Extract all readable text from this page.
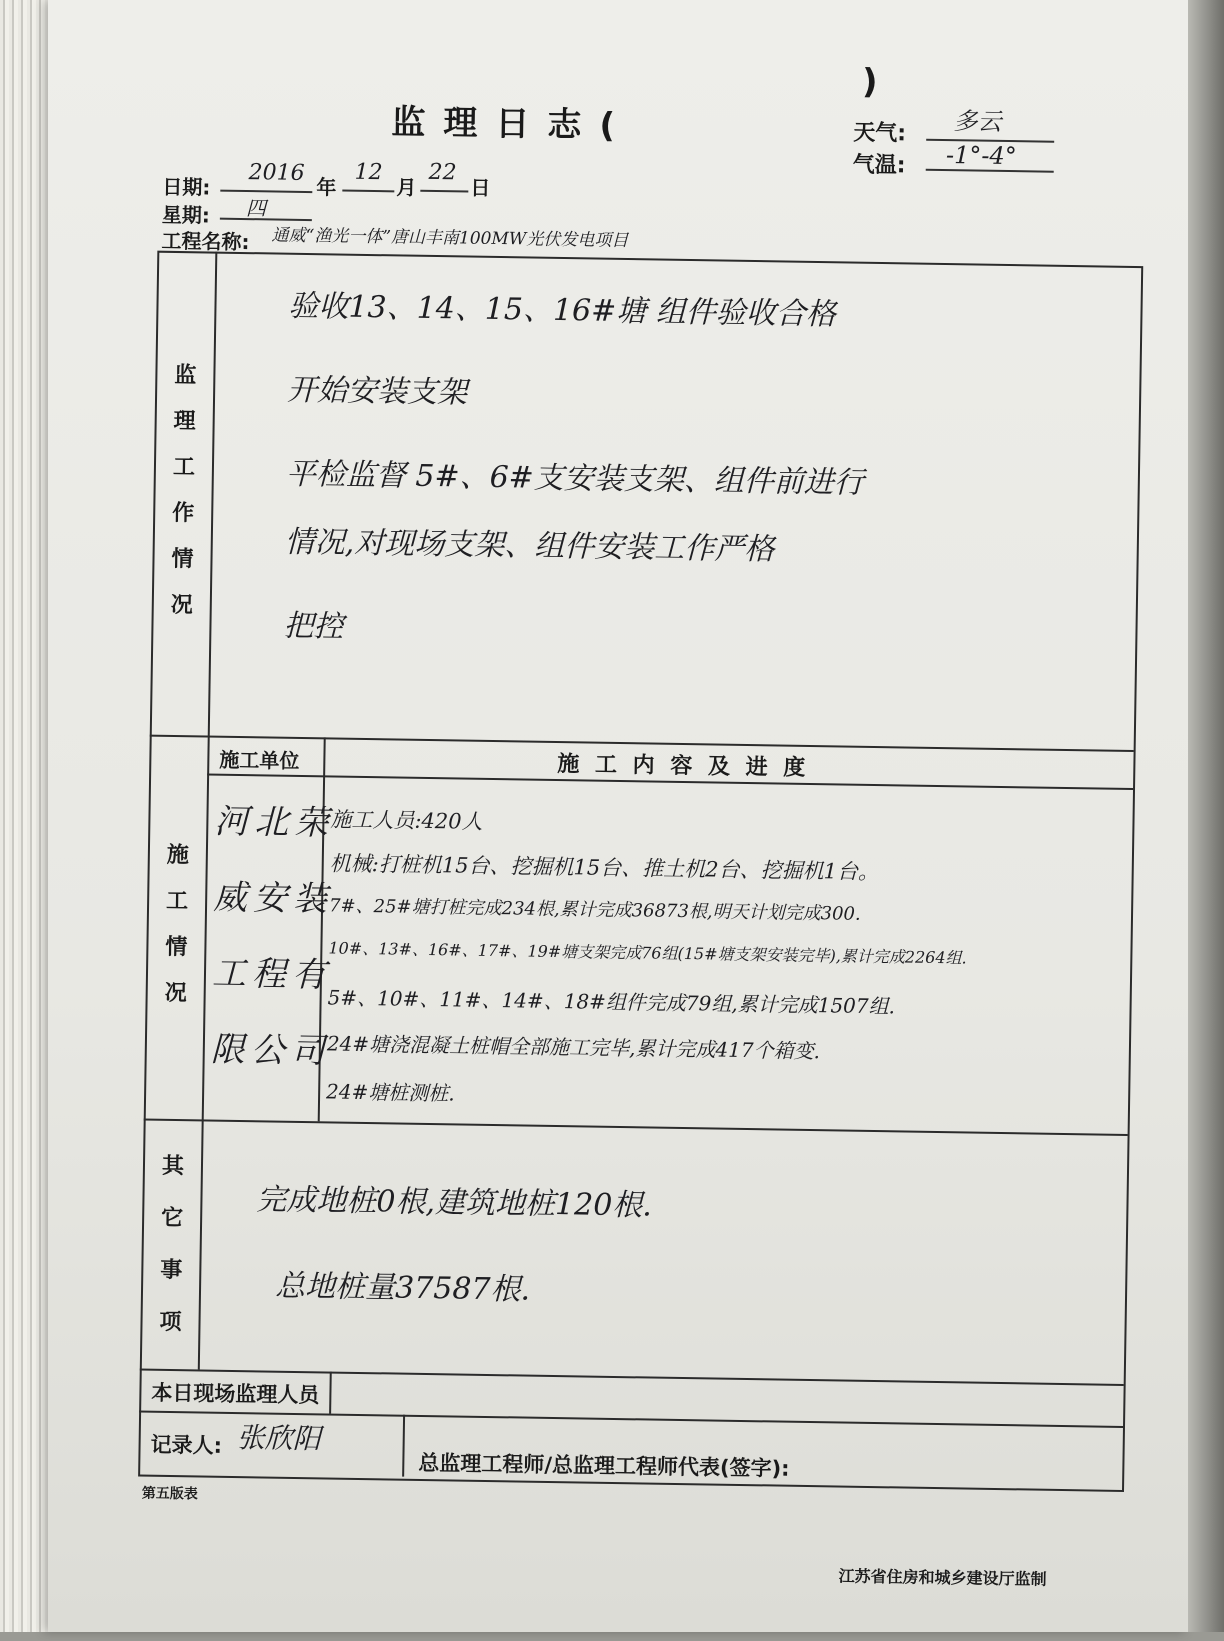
监理日志(
)
天气: 多云
气温: -1°-4°
日期:
2016
年
12
月
22
日
星期: 四
工程名称: 通威“渔光一体”唐山丰南100MW光伏发电项目
监
理
工
作
情
况
施
工
情
况
其
它
事
项
验收13、14、15、16#塘 组件验收合格
开始安装支架
平检监督 5#、6#支安装支架、组件前进行
情况,对现场支架、组件安装工作严格
把控
施工单位	施 工 内 容 及 进 度
河北荣
威安装
工程有
限公司
施工人员:420人
机械:打桩机15台、挖掘机15台、推土机2台、挖掘机1台。
7#、25#塘打桩完成234根,累计完成36873根,明天计划完成300.
10#、13#、16#、17#、19#塘支架完成76组(15#塘支架安装完毕),累计完成2264组.
5#、10#、11#、14#、18#组件完成79组,累计完成1507组.
24#塘浇混凝土桩帽全部施工完毕,累计完成417个箱变.
24#塘桩测桩.
完成地桩0根,建筑地桩120根.
总地桩量37587根.
本日现场监理人员
记录人: 张欣阳
总监理工程师/总监理工程师代表(签字):
第五版表
江苏省住房和城乡建设厅监制
